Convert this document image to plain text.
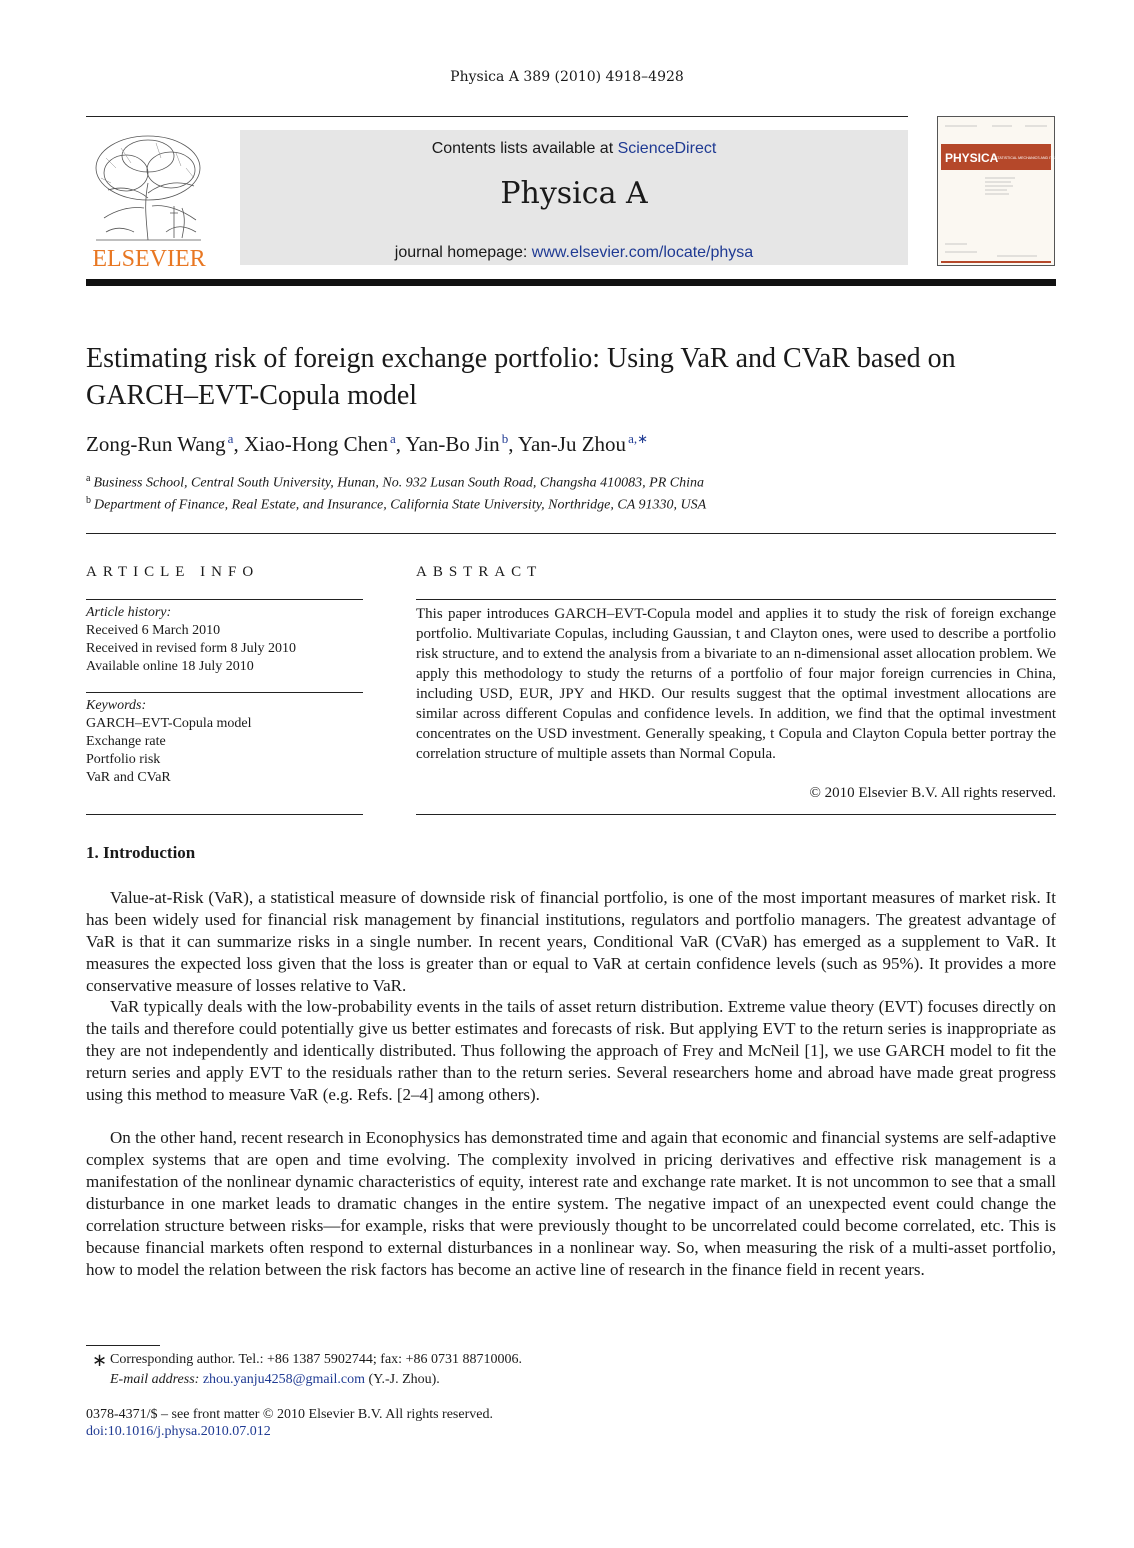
Physica A 389 (2010) 4918–4928
ELSEVIER
Contents lists available at ScienceDirect
Physica A
journal homepage: www.elsevier.com/locate/physa
PHYSICA
STATISTICAL MECHANICS AND ITS APPLICATIONS
Estimating risk of foreign exchange portfolio: Using VaR and CVaR based on GARCH–EVT-Copula model
Zong-Run Wang $^a$, Xiao-Hong Chen $^a$, Yan-Bo Jin $^b$, Yan-Ju Zhou $^{a,∗}$
$^a$ Business School, Central South University, Hunan, No. 932 Lusan South Road, Changsha 410083, PR China
$^b$ Department of Finance, Real Estate, and Insurance, California State University, Northridge, CA 91330, USA
ARTICLE INFO	ABSTRACT
Article history:
Received 6 March 2010
Received in revised form 8 July 2010
Available online 18 July 2010
Keywords:
GARCH–EVT-Copula model
Exchange rate
Portfolio risk
VaR and CVaR
This paper introduces GARCH–EVT-Copula model and applies it to study the risk of foreign exchange portfolio. Multivariate Copulas, including Gaussian, t and Clayton ones, were used to describe a portfolio risk structure, and to extend the analysis from a bivariate to an n-dimensional asset allocation problem. We apply this methodology to study the returns of a portfolio of four major foreign currencies in China, including USD, EUR, JPY and HKD. Our results suggest that the optimal investment allocations are similar across different Copulas and confidence levels. In addition, we find that the optimal investment concentrates on the USD investment. Generally speaking, t Copula and Clayton Copula better portray the correlation structure of multiple assets than Normal Copula.
© 2010 Elsevier B.V. All rights reserved.
1. Introduction
Value-at-Risk (VaR), a statistical measure of downside risk of financial portfolio, is one of the most important measures of market risk. It has been widely used for financial risk management by financial institutions, regulators and portfolio managers. The greatest advantage of VaR is that it can summarize risks in a single number. In recent years, Conditional VaR (CVaR) has emerged as a supplement to VaR. It measures the expected loss given that the loss is greater than or equal to VaR at certain confidence levels (such as 95%). It provides a more conservative measure of losses relative to VaR.
VaR typically deals with the low-probability events in the tails of asset return distribution. Extreme value theory (EVT) focuses directly on the tails and therefore could potentially give us better estimates and forecasts of risk. But applying EVT to the return series is inappropriate as they are not independently and identically distributed. Thus following the approach of Frey and McNeil [1], we use GARCH model to fit the return series and apply EVT to the residuals rather than to the return series. Several researchers home and abroad have made great progress using this method to measure VaR (e.g. Refs. [2–4] among others).
On the other hand, recent research in Econophysics has demonstrated time and again that economic and financial systems are self-adaptive complex systems that are open and time evolving. The complexity involved in pricing derivatives and effective risk management is a manifestation of the nonlinear dynamic characteristics of equity, interest rate and exchange rate market. It is not uncommon to see that a small disturbance in one market leads to dramatic changes in the entire system. The negative impact of an unexpected event could change the correlation structure between risks—for example, risks that were previously thought to be uncorrelated could become correlated, etc. This is because financial markets often respond to external disturbances in a nonlinear way. So, when measuring the risk of a multi-asset portfolio, how to model the relation between the risk factors has become an active line of research in the finance field in recent years.
∗ Corresponding author. Tel.: +86 1387 5902744; fax: +86 0731 88710006.
E-mail address: zhou.yanju4258@gmail.com (Y.-J. Zhou).
0378-4371/$ – see front matter © 2010 Elsevier B.V. All rights reserved.
doi:10.1016/j.physa.2010.07.012
